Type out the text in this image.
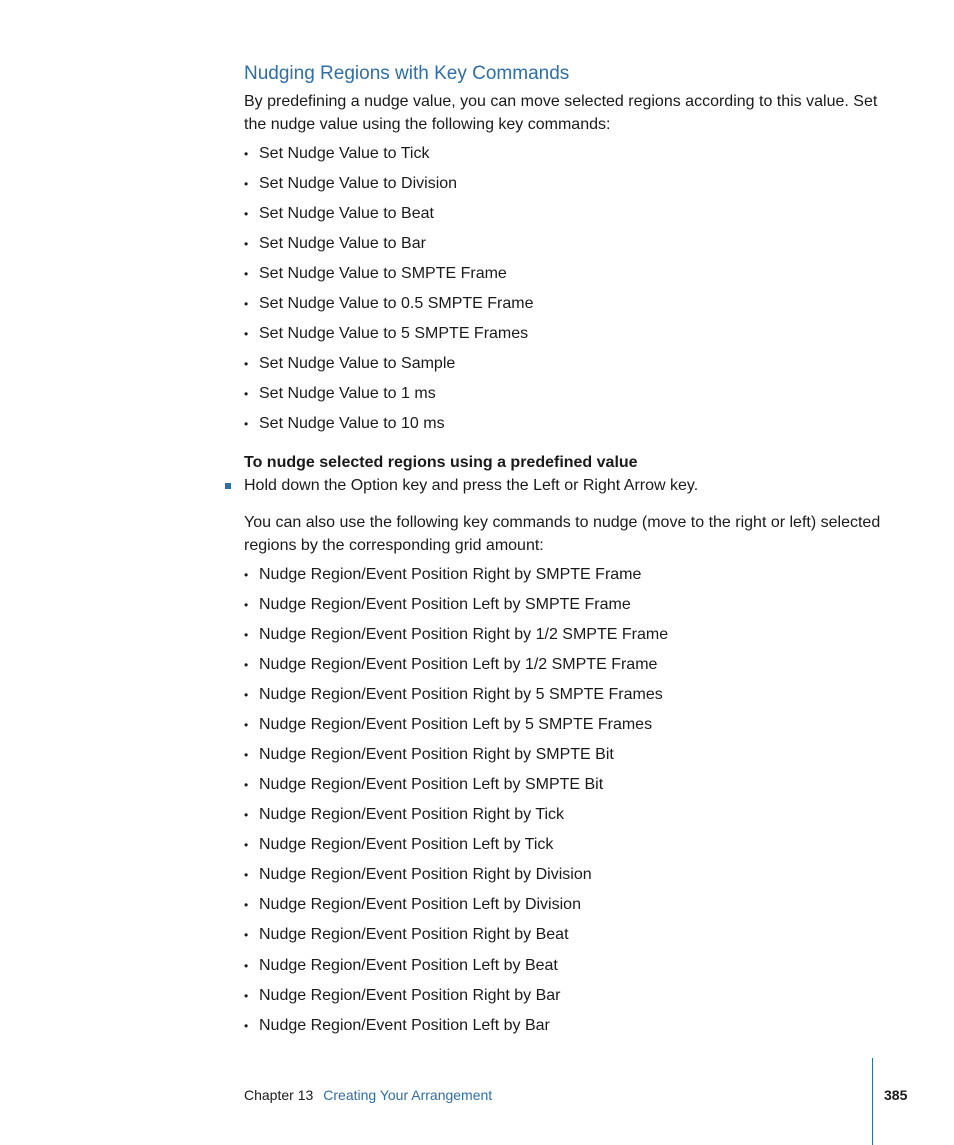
Nudging Regions with Key Commands

By predefining a nudge value, you can move selected regions according to this value. Set the nudge value using the following key commands:

• Set Nudge Value to Tick
• Set Nudge Value to Division
• Set Nudge Value to Beat
• Set Nudge Value to Bar
• Set Nudge Value to SMPTE Frame
• Set Nudge Value to 0.5 SMPTE Frame
• Set Nudge Value to 5 SMPTE Frames
• Set Nudge Value to Sample
• Set Nudge Value to 1 ms
• Set Nudge Value to 10 ms

To nudge selected regions using a predefined value

Hold down the Option key and press the Left or Right Arrow key.

You can also use the following key commands to nudge (move to the right or left) selected regions by the corresponding grid amount:

• Nudge Region/Event Position Right by SMPTE Frame
• Nudge Region/Event Position Left by SMPTE Frame
• Nudge Region/Event Position Right by 1/2 SMPTE Frame
• Nudge Region/Event Position Left by 1/2 SMPTE Frame
• Nudge Region/Event Position Right by 5 SMPTE Frames
• Nudge Region/Event Position Left by 5 SMPTE Frames
• Nudge Region/Event Position Right by SMPTE Bit
• Nudge Region/Event Position Left by SMPTE Bit
• Nudge Region/Event Position Right by Tick
• Nudge Region/Event Position Left by Tick
• Nudge Region/Event Position Right by Division
• Nudge Region/Event Position Left by Division
• Nudge Region/Event Position Right by Beat
• Nudge Region/Event Position Left by Beat
• Nudge Region/Event Position Right by Bar
• Nudge Region/Event Position Left by Bar
Chapter 13 Creating Your Arrangement	385
